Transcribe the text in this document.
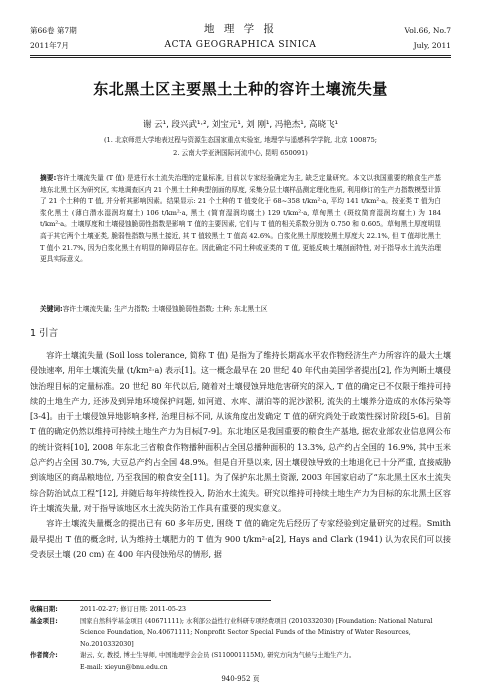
第66卷 第7期	地 理 学 报	Vol.66, No.7
2011年7月	ACTA GEOGRAPHICA SINICA	July, 2011
东北黑土区主要黑土土种的容许土壤流失量
谢 云¹, 段兴武¹·², 刘宝元¹, 刘 刚¹, 冯艳杰¹, 高晓飞¹
(1. 北京师范大学地表过程与资源生态国家重点实验室, 地理学与遥感科学学院, 北京 100875;
2. 云南大学亚洲国际河流中心, 昆明 650091)
摘要:容许土壤流失量 (T 值) 是进行水土流失治理的定量标准, 目前以专家经验确定为主, 缺乏定量研究。本文以我国重要的粮食生产基地东北黑土区为研究区, 实地调查区内 21 个黑土土种典型剖面的厚度, 采集分层土壤样品测定理化性质, 利用修订的生产力指数模型计算了 21 个土种的 T 值, 并分析其影响因素。结果显示: 21 个土种的 T 值变化于 68~358 t/km²·a, 平均 141 t/km²·a。按亚类 T 值为白浆化黑土 (薄白潜水湿润均腐土) 106 t/km²·a, 黑土 (简育湿润均腐土) 129 t/km²·a, 草甸黑土 (斑纹简育湿润均腐土) 为 184 t/km²·a。土壤厚度和土壤侵蚀脆弱性指数是影响 T 值的主要因素, 它们与 T 值的相关系数分别为 0.750 和 0.605。草甸黑土厚度明显高于其它两个土壤亚类, 脆弱性指数与黑土接近, 其 T 值较黑土 T 值高 42.6%。白浆化黑土厚度较黑土厚度大 22.1%, 但 T 值却比黑土 T 值小 21.7%, 因为白浆化黑土有明显的障碍层存在。因此确定不同土种或亚类的 T 值, 更能反映土壤剖面特性, 对于指导水土流失治理更具实际意义。
关键词:容许土壤流失量; 生产力指数; 土壤侵蚀脆弱性指数; 土种; 东北黑土区
1 引言

容许土壤流失量 (Soil loss tolerance, 简称 T 值) 是指为了维持长期高水平农作物经济生产力所容许的最大土壤侵蚀速率, 用年土壤流失量 (t/km²·a) 表示[1]。这一概念最早在 20 世纪 40 年代由美国学者提出[2], 作为判断土壤侵蚀治理目标的定量标准。20 世纪 80 年代以后, 随着对土壤侵蚀异地危害研究的深入, T 值的确定已不仅限于维持可持续的土地生产力, 还涉及到异地环境保护问题, 如河道、水库、湖泊等的泥沙淤积, 流失的土壤养分造成的水体污染等[3-4]。由于土壤侵蚀异地影响多样, 治理目标不同, 从该角度出发确定 T 值的研究尚处于政策性探讨阶段[5-6]。目前 T 值的确定仍然以维持可持续土地生产力为目标[7-9]。东北地区是我国重要的粮食生产基地, 据农业部农业信息网公布的统计资料[10], 2008 年东北三省粮食作物播种面积占全国总播种面积的 13.3%, 总产约占全国的 16.9%, 其中玉米总产约占全国 30.7%, 大豆总产约占全国 48.9%。但是自开垦以来, 因土壤侵蚀导致的土地退化已十分严重, 直接威胁到该地区的商品粮地位, 乃至我国的粮食安全[11]。为了保护东北黑土资源, 2003 年国家启动了“东北黑土区水土流失综合防治试点工程”[12], 并随后每年持续性投入, 防治水土流失。研究以维持可持续土地生产力为目标的东北黑土区容许土壤流失量, 对于指导该地区水土流失防治工作具有重要的现实意义。

容许土壤流失量概念的提出已有 60 多年历史, 围绕 T 值的确定先后经历了专家经验到定量研究的过程。Smith 最早提出 T 值的概念时, 认为维持土壤肥力的 T 值为 900 t/km²·a[2], Hays and Clark (1941) 认为农民们可以接受表层土壤 (20 cm) 在 400 年内侵蚀殆尽的情形, 据

收稿日期:	2011-02-27; 修订日期: 2011-05-23
基金项目:	国家自然科学基金项目 (40671111); 水利部公益性行业科研专项经费项目 (201033203​0) [Foundation: National Natural Science Foundation, No.40671111; Nonprofit Sector Special Funds of the Ministry of Water Resources, No.201033203​0]
作者简介:	谢云, 女, 教授, 博士生导师, 中国地理学会会员 (S110001115M), 研究方向为气候与土地生产力。
E-mail: xieyun@bnu.edu.cn
940-952 页
